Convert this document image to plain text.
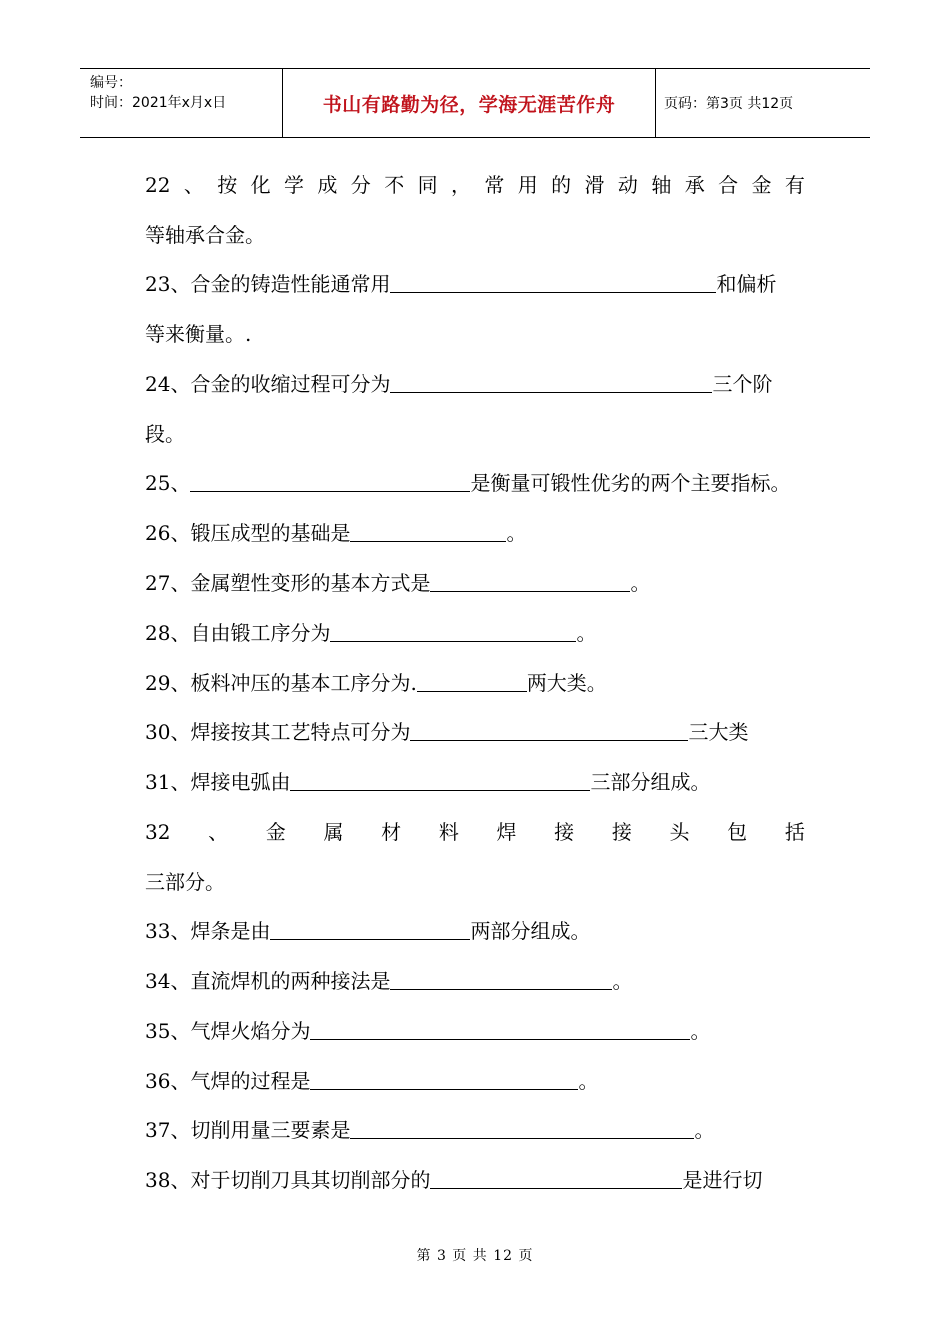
编号：
时间：2021年x月x日	书山有路勤为径，学海无涯苦作舟	页码：第3页 共12页
22 、 按 化 学 成 分 不 同 ， 常 用 的 滑 动 轴 承 合 金 有
等轴承合金。
23、合金的铸造性能通常用	和偏析
等来衡量。.
24、合金的收缩过程可分为	三个阶
段。
25、	是衡量可锻性优劣的两个主要指标。
26、锻压成型的基础是	。
27、金属塑性变形的基本方式是	。
28、自由锻工序分为	。
29、板料冲压的基本工序分为.	两大类。
30、焊接按其工艺特点可分为	三大类
31、焊接电弧由	三部分组成。
32 、 金 属 材 料 焊 接 接 头 包 括
三部分。
33、焊条是由	两部分组成。
34、直流焊机的两种接法是	。
35、气焊火焰分为	。
36、气焊的过程是	。
37、切削用量三要素是	。
38、对于切削刀具其切削部分的	是进行切
第 3 页 共 12 页
